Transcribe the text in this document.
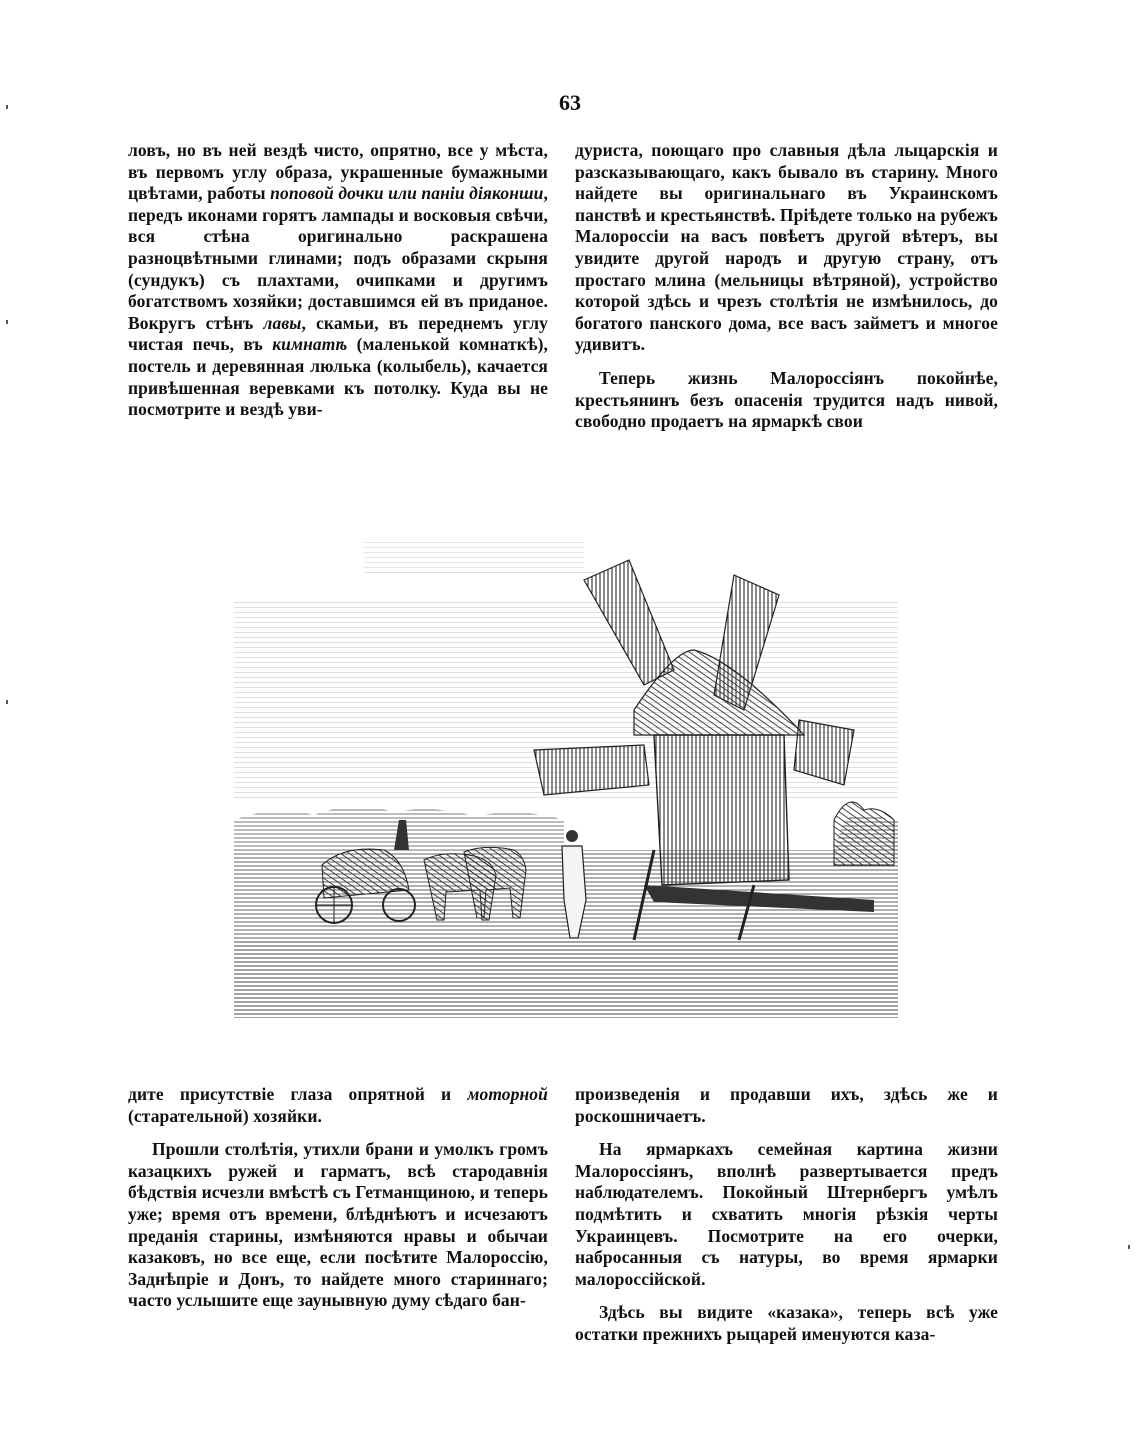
63

ловъ, но въ ней вездѣ чисто, опрятно, все у мѣста, въ первомъ углу образа, украшенные бумажными цвѣтами, работы поповой дочки или паніи діяконши, передъ иконами горятъ лампады и восковыя свѣчи, вся стѣна оригинально раскрашена разноцвѣтными глинами; подъ образами скрыня (сундукъ) съ плахтами, очипками и другимъ богатствомъ хозяйки; доставшимся ей въ приданое. Вокругъ стѣнъ лавы, скамьи, въ переднемъ углу чистая печь, въ кимнатѣ (маленькой комнаткѣ), постель и деревянная люлька (колыбель), качается привѣшенная веревками къ потолку. Куда вы не посмотрите и вездѣ уви-

дуриста, поющаго про славныя дѣла лыцарскія и разсказывающаго, какъ бывало въ старину. Много найдете вы оригинальнаго въ Украинскомъ панствѣ и крестьянствѣ. Пріѣдете только на рубежъ Малороссіи на васъ повѣетъ другой вѣтеръ, вы увидите другой народъ и другую страну, отъ простаго млина (мельницы вѣтряной), устройство которой здѣсь и чрезъ столѣтія не измѣнилось, до богатого панского дома, все васъ займетъ и многое удивитъ.

Теперь жизнь Малороссіянъ покойнѣе, крестьянинъ безъ опасенія трудится надъ нивой, свободно продаетъ на ярмаркѣ свои

дите присутствіе глаза опрятной и моторной (старательной) хозяйки.

Прошли столѣтія, утихли брани и умолкъ громъ казацкихъ ружей и гарматъ, всѣ стародавнія бѣдствія исчезли вмѣстѣ съ Гетманщиною, и теперь уже; время отъ времени, блѣднѣютъ и исчезаютъ преданія старины, измѣняются нравы и обычаи казаковъ, но все еще, если посѣтите Малороссію, Заднѣпріе и Донъ, то найдете много стариннаго; часто услышите еще заунывную думу сѣдаго бан-

произведенія и продавши ихъ, здѣсь же и роскошничаетъ.

На ярмаркахъ семейная картина жизни Малороссіянъ, вполнѣ развертывается предъ наблюдателемъ. Покойный Штернбергъ умѣлъ подмѣтить и схватить многія рѣзкія черты Украинцевъ. Посмотрите на его очерки, набросанныя съ натуры, во время ярмарки малороссійской.

Здѣсь вы видите «казака», теперь всѣ уже остатки прежнихъ рыцарей именуются каза-
